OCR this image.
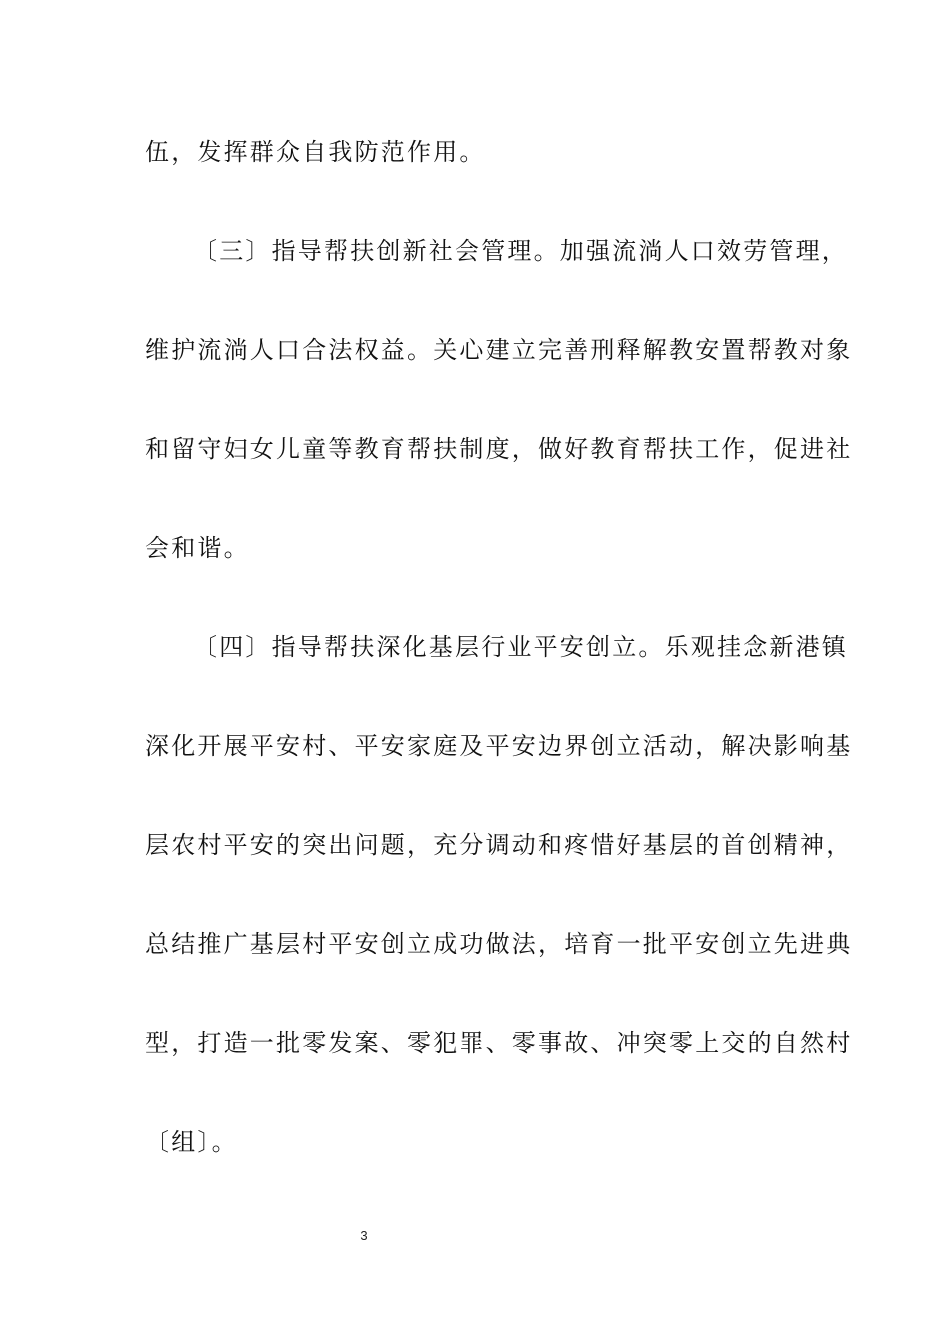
伍，发挥群众自我防范作用。
〔三〕指导帮扶创新社会管理。加强流淌人口效劳管理，
维护流淌人口合法权益。关心建立完善刑释解教安置帮教对象
和留守妇女儿童等教育帮扶制度，做好教育帮扶工作，促进社
会和谐。
〔四〕指导帮扶深化基层行业平安创立。乐观挂念新港镇
深化开展平安村、平安家庭及平安边界创立活动，解决影响基
层农村平安的突出问题，充分调动和疼惜好基层的首创精神，
总结推广基层村平安创立成功做法，培育一批平安创立先进典
型，打造一批零发案、零犯罪、零事故、冲突零上交的自然村
〔组〕。
3
